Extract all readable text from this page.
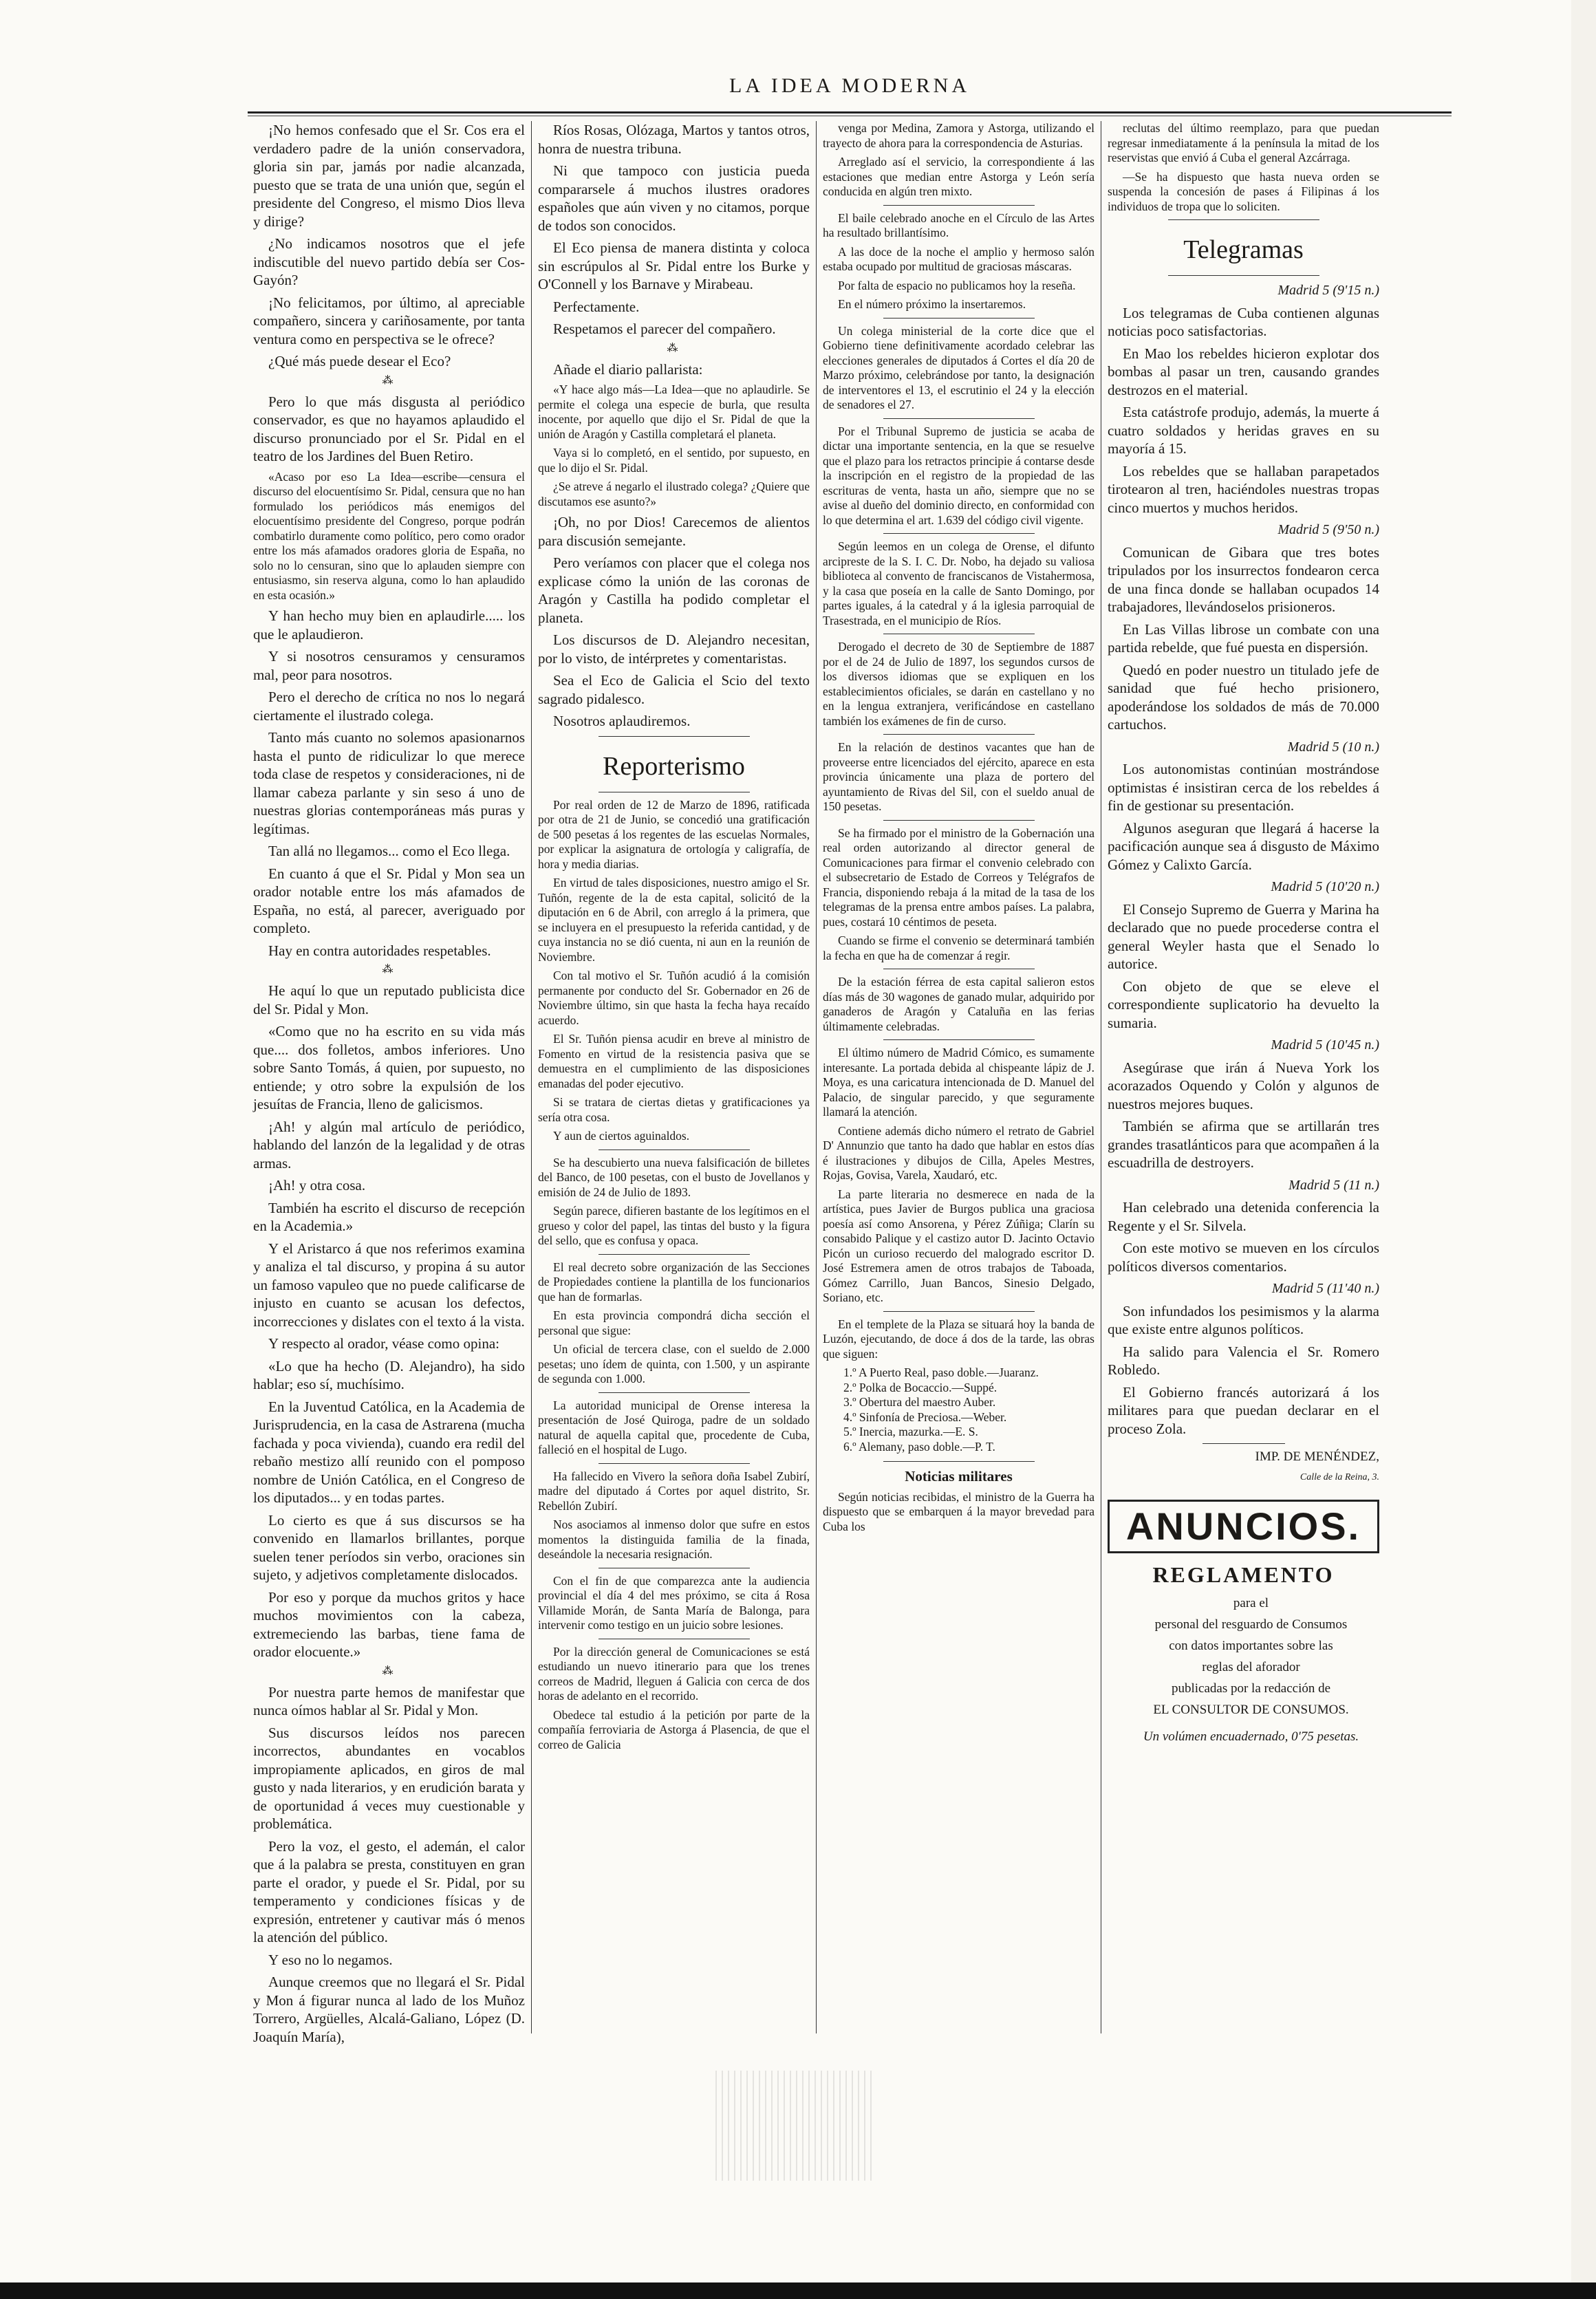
LA IDEA MODERNA

¡No hemos confesado que el Sr. Cos era el verdadero padre de la unión conservadora, gloria sin par, jamás por nadie alcanzada, puesto que se trata de una unión que, según el presidente del Congreso, el mismo Dios lleva y dirige?

¿No indicamos nosotros que el jefe indiscutible del nuevo partido debía ser Cos-Gayón?

¡No felicitamos, por último, al apreciable compañero, sincera y cariñosamente, por tanta ventura como en perspectiva se le ofrece?

¿Qué más puede desear el Eco?

⁂

Pero lo que más disgusta al periódico conservador, es que no hayamos aplaudido el discurso pronunciado por el Sr. Pidal en el teatro de los Jardines del Buen Retiro.

«Acaso por eso La Idea—escribe—censura el discurso del elocuentísimo Sr. Pidal, censura que no han formulado los periódicos más enemigos del elocuentísimo presidente del Congreso, porque podrán combatirlo duramente como político, pero como orador entre los más afamados oradores gloria de España, no solo no lo censuran, sino que lo aplauden siempre con entusiasmo, sin reserva alguna, como lo han aplaudido en esta ocasión.»

Y han hecho muy bien en aplaudirle..... los que le aplaudieron.

Y si nosotros censuramos y censuramos mal, peor para nosotros.

Pero el derecho de crítica no nos lo negará ciertamente el ilustrado colega.

Tanto más cuanto no solemos apasionarnos hasta el punto de ridiculizar lo que merece toda clase de respetos y consideraciones, ni de llamar cabeza parlante y sin seso á uno de nuestras glorias contemporáneas más puras y legítimas.

Tan allá no llegamos... como el Eco llega.

En cuanto á que el Sr. Pidal y Mon sea un orador notable entre los más afamados de España, no está, al parecer, averiguado por completo.

Hay en contra autoridades respetables.

⁂

He aquí lo que un reputado publicista dice del Sr. Pidal y Mon.

«Como que no ha escrito en su vida más que.... dos folletos, ambos inferiores. Uno sobre Santo Tomás, á quien, por supuesto, no entiende; y otro sobre la expulsión de los jesuítas de Francia, lleno de galicismos.

¡Ah! y algún mal artículo de periódico, hablando del lanzón de la legalidad y de otras armas.

¡Ah! y otra cosa.

También ha escrito el discurso de recepción en la Academia.»

Y el Aristarco á que nos referimos examina y analiza el tal discurso, y propina á su autor un famoso vapuleo que no puede calificarse de injusto en cuanto se acusan los defectos, incorrecciones y dislates con el texto á la vista.

Y respecto al orador, véase como opina:

«Lo que ha hecho (D. Alejandro), ha sido hablar; eso sí, muchísimo.

En la Juventud Católica, en la Academia de Jurisprudencia, en la casa de Astrarena (mucha fachada y poca vivienda), cuando era redil del rebaño mestizo allí reunido con el pomposo nombre de Unión Católica, en el Congreso de los diputados... y en todas partes.

Lo cierto es que á sus discursos se ha convenido en llamarlos brillantes, porque suelen tener períodos sin verbo, oraciones sin sujeto, y adjetivos completamente dislocados.

Por eso y porque da muchos gritos y hace muchos movimientos con la cabeza, extremeciendo las barbas, tiene fama de orador elocuente.»

⁂

Por nuestra parte hemos de manifestar que nunca oímos hablar al Sr. Pidal y Mon.

Sus discursos leídos nos parecen incorrectos, abundantes en vocablos impropiamente aplicados, en giros de mal gusto y nada literarios, y en erudición barata y de oportunidad á veces muy cuestionable y problemática.

Pero la voz, el gesto, el ademán, el calor que á la palabra se presta, constituyen en gran parte el orador, y puede el Sr. Pidal, por su temperamento y condiciones físicas y de expresión, entretener y cautivar más ó menos la atención del público.

Y eso no lo negamos.

Aunque creemos que no llegará el Sr. Pidal y Mon á figurar nunca al lado de los Muñoz Torrero, Argüelles, Alcalá-Galiano, López (D. Joaquín María),

Ríos Rosas, Olózaga, Martos y tantos otros, honra de nuestra tribuna.

Ni que tampoco con justicia pueda compararsele á muchos ilustres oradores españoles que aún viven y no citamos, porque de todos son conocidos.

El Eco piensa de manera distinta y coloca sin escrúpulos al Sr. Pidal entre los Burke y O'Connell y los Barnave y Mirabeau.

Perfectamente.

Respetamos el parecer del compañero.

⁂

Añade el diario pallarista:

«Y hace algo más—La Idea—que no aplaudirle. Se permite el colega una especie de burla, que resulta inocente, por aquello que dijo el Sr. Pidal de que la unión de Aragón y Castilla completará el planeta.

Vaya si lo completó, en el sentido, por supuesto, en que lo dijo el Sr. Pidal.

¿Se atreve á negarlo el ilustrado colega? ¿Quiere que discutamos ese asunto?»

¡Oh, no por Dios! Carecemos de alientos para discusión semejante.

Pero veríamos con placer que el colega nos explicase cómo la unión de las coronas de Aragón y Castilla ha podido completar el planeta.

Los discursos de D. Alejandro necesitan, por lo visto, de intérpretes y comentaristas.

Sea el Eco de Galicia el Scio del texto sagrado pidalesco.

Nosotros aplaudiremos.

Reporterismo

Por real orden de 12 de Marzo de 1896, ratificada por otra de 21 de Junio, se concedió una gratificación de 500 pesetas á los regentes de las escuelas Normales, por explicar la asignatura de ortología y caligrafía, de hora y media diarias.

En virtud de tales disposiciones, nuestro amigo el Sr. Tuñón, regente de la de esta capital, solicitó de la diputación en 6 de Abril, con arreglo á la primera, que se incluyera en el presupuesto la referida cantidad, y de cuya instancia no se dió cuenta, ni aun en la reunión de Noviembre.

Con tal motivo el Sr. Tuñón acudió á la comisión permanente por conducto del Sr. Gobernador en 26 de Noviembre último, sin que hasta la fecha haya recaído acuerdo.

El Sr. Tuñón piensa acudir en breve al ministro de Fomento en virtud de la resistencia pasiva que se demuestra en el cumplimiento de las disposiciones emanadas del poder ejecutivo.

Si se tratara de ciertas dietas y gratificaciones ya sería otra cosa.

Y aun de ciertos aguinaldos.

Se ha descubierto una nueva falsificación de billetes del Banco, de 100 pesetas, con el busto de Jovellanos y emisión de 24 de Julio de 1893.

Según parece, difieren bastante de los legítimos en el grueso y color del papel, las tintas del busto y la figura del sello, que es confusa y opaca.

El real decreto sobre organización de las Secciones de Propiedades contiene la plantilla de los funcionarios que han de formarlas.

En esta provincia compondrá dicha sección el personal que sigue:

Un oficial de tercera clase, con el sueldo de 2.000 pesetas; uno ídem de quinta, con 1.500, y un aspirante de segunda con 1.000.

La autoridad municipal de Orense interesa la presentación de José Quiroga, padre de un soldado natural de aquella capital que, procedente de Cuba, falleció en el hospital de Lugo.

Ha fallecido en Vivero la señora doña Isabel Zubirí, madre del diputado á Cortes por aquel distrito, Sr. Rebellón Zubirí.

Nos asociamos al inmenso dolor que sufre en estos momentos la distinguida familia de la finada, deseándole la necesaria resignación.

Con el fin de que comparezca ante la audiencia provincial el día 4 del mes próximo, se cita á Rosa Villamide Morán, de Santa María de Balonga, para intervenir como testigo en un juicio sobre lesiones.

Por la dirección general de Comunicaciones se está estudiando un nuevo itinerario para que los trenes correos de Madrid, lleguen á Galicia con cerca de dos horas de adelanto en el recorrido.

Obedece tal estudio á la petición por parte de la compañía ferroviaria de Astorga á Plasencia, de que el correo de Galicia

venga por Medina, Zamora y Astorga, utilizando el trayecto de ahora para la correspondencia de Asturias.

Arreglado así el servicio, la correspondiente á las estaciones que median entre Astorga y León sería conducida en algún tren mixto.

El baile celebrado anoche en el Círculo de las Artes ha resultado brillantísimo.

A las doce de la noche el amplio y hermoso salón estaba ocupado por multitud de graciosas máscaras.

Por falta de espacio no publicamos hoy la reseña.

En el número próximo la insertaremos.

Un colega ministerial de la corte dice que el Gobierno tiene definitivamente acordado celebrar las elecciones generales de diputados á Cortes el día 20 de Marzo próximo, celebrándose por tanto, la designación de interventores el 13, el escrutinio el 24 y la elección de senadores el 27.

Por el Tribunal Supremo de justicia se acaba de dictar una importante sentencia, en la que se resuelve que el plazo para los retractos principie á contarse desde la inscripción en el registro de la propiedad de las escrituras de venta, hasta un año, siempre que no se avise al dueño del dominio directo, en conformidad con lo que determina el art. 1.639 del código civil vigente.

Según leemos en un colega de Orense, el difunto arcipreste de la S. I. C. Dr. Nobo, ha dejado su valiosa biblioteca al convento de franciscanos de Vistahermosa, y la casa que poseía en la calle de Santo Domingo, por partes iguales, á la catedral y á la iglesia parroquial de Trasestrada, en el municipio de Ríos.

Derogado el decreto de 30 de Septiembre de 1887 por el de 24 de Julio de 1897, los segundos cursos de los diversos idiomas que se expliquen en los establecimientos oficiales, se darán en castellano y no en la lengua extranjera, verificándose en castellano también los exámenes de fin de curso.

En la relación de destinos vacantes que han de proveerse entre licenciados del ejército, aparece en esta provincia únicamente una plaza de portero del ayuntamiento de Rivas del Sil, con el sueldo anual de 150 pesetas.

Se ha firmado por el ministro de la Gobernación una real orden autorizando al director general de Comunicaciones para firmar el convenio celebrado con el subsecretario de Estado de Correos y Telégrafos de Francia, disponiendo rebaja á la mitad de la tasa de los telegramas de la prensa entre ambos países. La palabra, pues, costará 10 céntimos de peseta.

Cuando se firme el convenio se determinará también la fecha en que ha de comenzar á regir.

De la estación férrea de esta capital salieron estos días más de 30 wagones de ganado mular, adquirido por ganaderos de Aragón y Cataluña en las ferias últimamente celebradas.

El último número de Madrid Cómico, es sumamente interesante. La portada debida al chispeante lápiz de J. Moya, es una caricatura intencionada de D. Manuel del Palacio, de singular parecido, y que seguramente llamará la atención.

Contiene además dicho número el retrato de Gabriel D' Annunzio que tanto ha dado que hablar en estos días é ilustraciones y dibujos de Cilla, Apeles Mestres, Rojas, Govisa, Varela, Xaudaró, etc.

La parte literaria no desmerece en nada de la artística, pues Javier de Burgos publica una graciosa poesía así como Ansorena, y Pérez Zúñiga; Clarín su consabido Palique y el castizo autor D. Jacinto Octavio Picón un curioso recuerdo del malogrado escritor D. José Estremera amen de otros trabajos de Taboada, Gómez Carrillo, Juan Bancos, Sinesio Delgado, Soriano, etc.

En el templete de la Plaza se situará hoy la banda de Luzón, ejecutando, de doce á dos de la tarde, las obras que siguen:

1.º A Puerto Real, paso doble.—Juaranz.

2.º Polka de Bocaccio.—Suppé.

3.º Obertura del maestro Auber.

4.º Sinfonía de Preciosa.—Weber.

5.º Inercia, mazurka.—E. S.

6.º Alemany, paso doble.—P. T.

Noticias militares

Según noticias recibidas, el ministro de la Guerra ha dispuesto que se embarquen á la mayor brevedad para Cuba los

reclutas del último reemplazo, para que puedan regresar inmediatamente á la península la mitad de los reservistas que envió á Cuba el general Azcárraga.

—Se ha dispuesto que hasta nueva orden se suspenda la concesión de pases á Filipinas á los individuos de tropa que lo soliciten.

Telegramas

Madrid 5 (9'15 n.)

Los telegramas de Cuba contienen algunas noticias poco satisfactorias.

En Mao los rebeldes hicieron explotar dos bombas al pasar un tren, causando grandes destrozos en el material.

Esta catástrofe produjo, además, la muerte á cuatro soldados y heridas graves en su mayoría á 15.

Los rebeldes que se hallaban parapetados tirotearon al tren, haciéndoles nuestras tropas cinco muertos y muchos heridos.

Madrid 5 (9'50 n.)

Comunican de Gibara que tres botes tripulados por los insurrectos fondearon cerca de una finca donde se hallaban ocupados 14 trabajadores, llevándoselos prisioneros.

En Las Villas librose un combate con una partida rebelde, que fué puesta en dispersión.

Quedó en poder nuestro un titulado jefe de sanidad que fué hecho prisionero, apoderándose los soldados de más de 70.000 cartuchos.

Madrid 5 (10 n.)

Los autonomistas continúan mostrándose optimistas é insistiran cerca de los rebeldes á fin de gestionar su presentación.

Algunos aseguran que llegará á hacerse la pacificación aunque sea á disgusto de Máximo Gómez y Calixto García.

Madrid 5 (10'20 n.)

El Consejo Supremo de Guerra y Marina ha declarado que no puede procederse contra el general Weyler hasta que el Senado lo autorice.

Con objeto de que se eleve el correspondiente suplicatorio ha devuelto la sumaria.

Madrid 5 (10'45 n.)

Asegúrase que irán á Nueva York los acorazados Oquendo y Colón y algunos de nuestros mejores buques.

También se afirma que se artillarán tres grandes trasatlánticos para que acompañen á la escuadrilla de destroyers.

Madrid 5 (11 n.)

Han celebrado una detenida conferencia la Regente y el Sr. Silvela.

Con este motivo se mueven en los círculos políticos diversos comentarios.

Madrid 5 (11'40 n.)

Son infundados los pesimismos y la alarma que existe entre algunos políticos.

Ha salido para Valencia el Sr. Romero Robledo.

El Gobierno francés autorizará á los militares para que puedan declarar en el proceso Zola.

IMP. DE MENÉNDEZ,

Calle de la Reina, 3.

ANUNCIOS.
REGLAMENTO

para el

personal del resguardo de Consumos

con datos importantes sobre las

reglas del aforador

publicadas por la redacción de

EL CONSULTOR DE CONSUMOS.

Un volúmen encuadernado, 0'75 pesetas.
